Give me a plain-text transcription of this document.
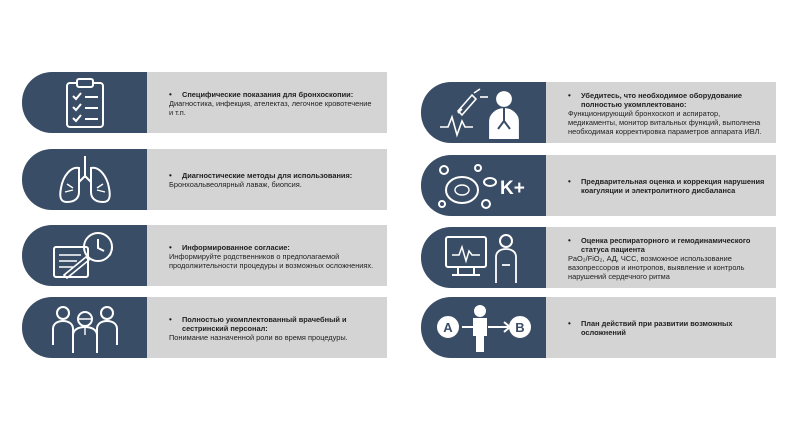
•	Специфические показания для бронхоскопии:
Диагностика, инфекция, ателектаз, легочное кровотечение и т.п.
•	Диагностические методы для использования:
Бронхоальвеолярный лаваж, биопсия.
•	Информированное согласие:
Информируйте родственников о предполагаемой продолжительности процедуры и возможных осложнениях.
•	Полностью укомплектованный врачебный и сестринский персонал:
Понимание назначенной роли во время процедуры.
•	Убедитесь, что необходимое оборудование полностью укомплектовано:
Функционирующий бронхоскоп и аспиратор, медикаменты, монитор витальных функций, выполнена необходимая корректировка параметров аппарата ИВЛ.
K+	•	Предварительная оценка и коррекция нарушения коагуляции и электролитного дисбаланса
•	Оценка респираторного и гемодинамического статуса пациента
PaO₂/FiO₂, АД, ЧСС, возможное использование вазопрессоров и инотропов, выявление и контроль нарушений сердечного ритма
A	B	•	План действий при развитии возможных осложнений
